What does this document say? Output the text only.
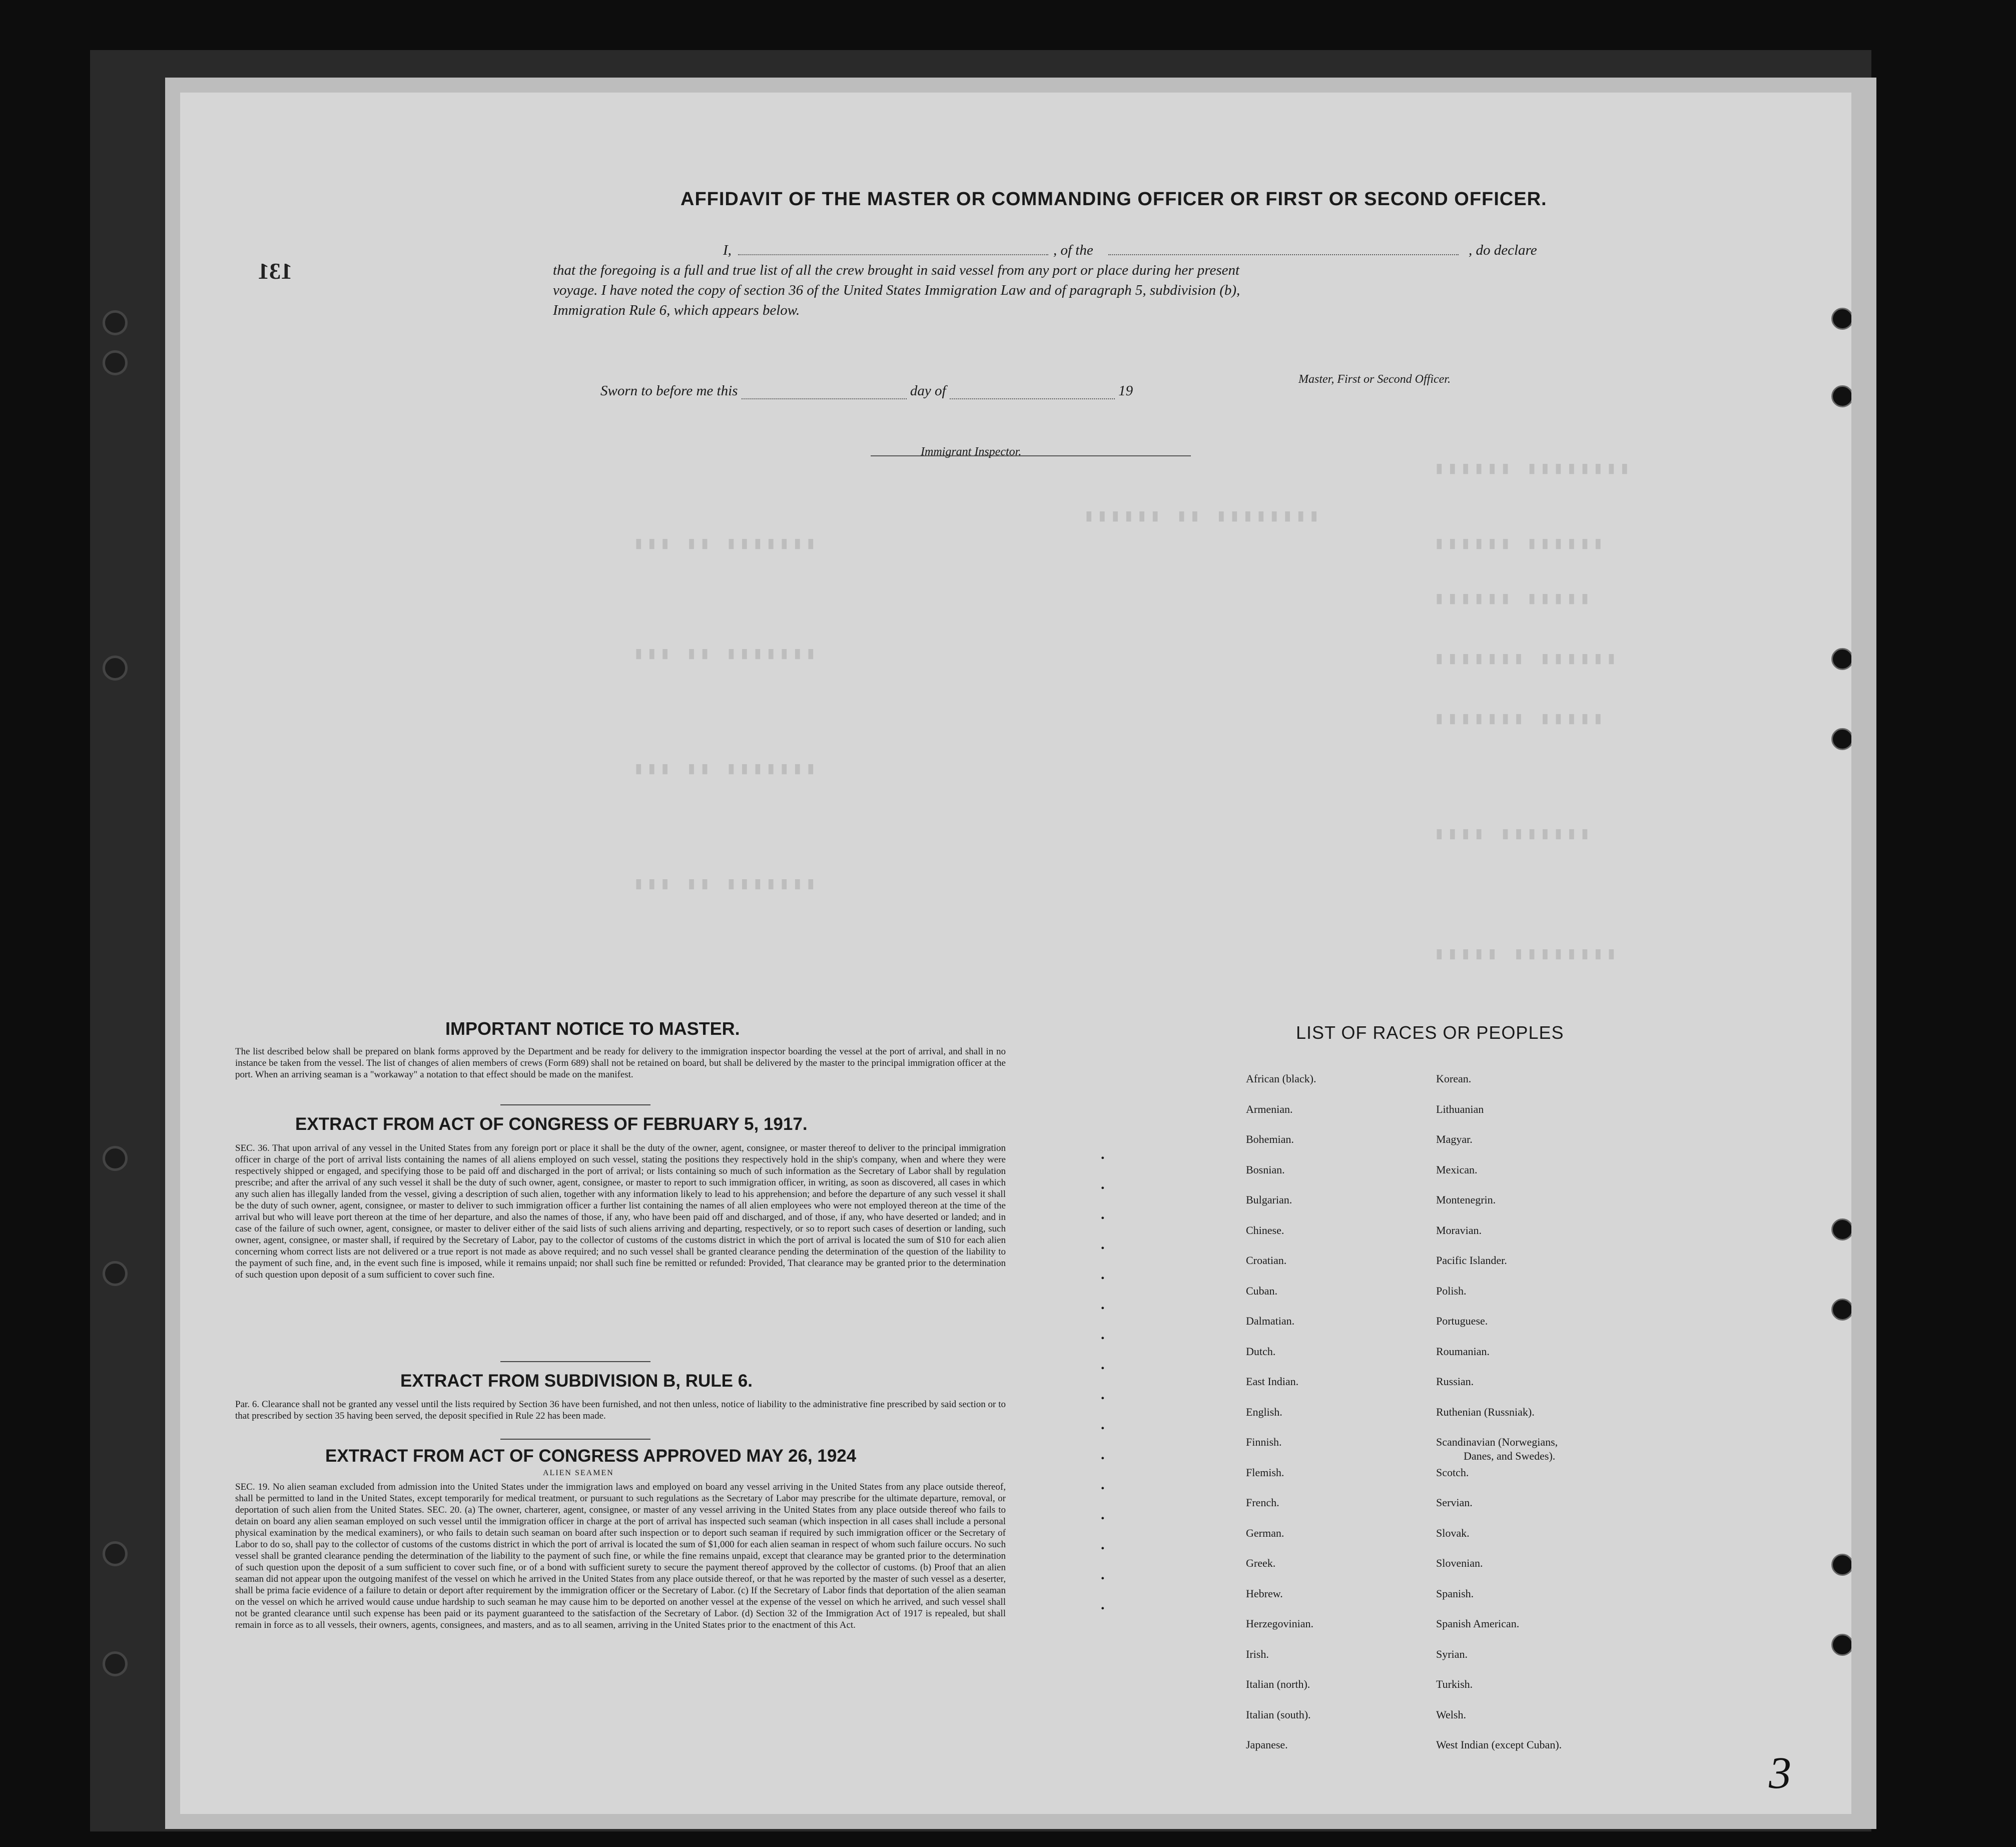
▮▮▮▮▮▮▮▮ ▮▮▮▮▮▮
▮▮▮▮▮▮▮▮ ▮▮ ▮▮▮▮▮▮
▮▮▮▮▮▮ ▮▮▮▮▮▮
▮▮▮▮▮ ▮▮▮▮▮▮
▮▮▮▮▮▮ ▮▮▮▮▮▮▮
▮▮▮▮▮ ▮▮▮▮▮▮▮
▮▮▮▮▮▮▮ ▮▮▮▮
▮▮▮▮▮▮▮▮ ▮▮▮▮▮
▮▮▮▮▮▮▮ ▮▮ ▮▮▮
▮▮▮▮▮▮▮ ▮▮ ▮▮▮
▮▮▮▮▮▮▮ ▮▮ ▮▮▮
▮▮▮▮▮▮▮ ▮▮ ▮▮▮
131
AFFIDAVIT OF THE MASTER OR COMMANDING OFFICER OR FIRST OR SECOND OFFICER.
I,	, of the	, do declare
that the foregoing is a full and true list of all the crew brought in said vessel from any port or place during her present
voyage. I have noted the copy of section 36 of the United States Immigration Law and of paragraph 5, subdivision (b),
Immigration Rule 6, which appears below.
Sworn to before me this	day of	19
Master, First or Second Officer.
Immigrant Inspector.
IMPORTANT NOTICE TO MASTER.
The list described below shall be prepared on blank forms approved by the Department and be ready for delivery to the immigration inspector boarding the vessel at the port of arrival, and shall in no instance be taken from the vessel. The list of changes of alien members of crews (Form 689) shall not be retained on board, but shall be delivered by the master to the principal immigration officer at the port. When an arriving seaman is a "workaway" a notation to that effect should be made on the manifest.
EXTRACT FROM ACT OF CONGRESS OF FEBRUARY 5, 1917.
SEC. 36. That upon arrival of any vessel in the United States from any foreign port or place it shall be the duty of the owner, agent, consignee, or master thereof to deliver to the principal immigration officer in charge of the port of arrival lists containing the names of all aliens employed on such vessel, stating the positions they respectively hold in the ship's company, when and where they were respectively shipped or engaged, and specifying those to be paid off and discharged in the port of arrival; or lists containing so much of such information as the Secretary of Labor shall by regulation prescribe; and after the arrival of any such vessel it shall be the duty of such owner, agent, consignee, or master to report to such immigration officer, in writing, as soon as discovered, all cases in which any such alien has illegally landed from the vessel, giving a description of such alien, together with any information likely to lead to his apprehension; and before the departure of any such vessel it shall be the duty of such owner, agent, consignee, or master to deliver to such immigration officer a further list containing the names of all alien employees who were not employed thereon at the time of the arrival but who will leave port thereon at the time of her departure, and also the names of those, if any, who have been paid off and discharged, and of those, if any, who have deserted or landed; and in case of the failure of such owner, agent, consignee, or master to deliver either of the said lists of such aliens arriving and departing, respectively, or so to report such cases of desertion or landing, such owner, agent, consignee, or master shall, if required by the Secretary of Labor, pay to the collector of customs of the customs district in which the port of arrival is located the sum of $10 for each alien concerning whom correct lists are not delivered or a true report is not made as above required; and no such vessel shall be granted clearance pending the determination of the question of the liability to the payment of such fine, and, in the event such fine is imposed, while it remains unpaid; nor shall such fine be remitted or refunded: Provided, That clearance may be granted prior to the determination of such question upon deposit of a sum sufficient to cover such fine.
EXTRACT FROM SUBDIVISION B, RULE 6.
Par. 6. Clearance shall not be granted any vessel until the lists required by Section 36 have been furnished, and not then unless, notice of liability to the administrative fine prescribed by said section or to that prescribed by section 35 having been served, the deposit specified in Rule 22 has been made.
EXTRACT FROM ACT OF CONGRESS APPROVED MAY 26, 1924
ALIEN SEAMEN
SEC. 19. No alien seaman excluded from admission into the United States under the immigration laws and employed on board any vessel arriving in the United States from any place outside thereof, shall be permitted to land in the United States, except temporarily for medical treatment, or pursuant to such regulations as the Secretary of Labor may prescribe for the ultimate departure, removal, or deportation of such alien from the United States. SEC. 20. (a) The owner, charterer, agent, consignee, or master of any vessel arriving in the United States from any place outside thereof who fails to detain on board any alien seaman employed on such vessel until the immigration officer in charge at the port of arrival has inspected such seaman (which inspection in all cases shall include a personal physical examination by the medical examiners), or who fails to detain such seaman on board after such inspection or to deport such seaman if required by such immigration officer or the Secretary of Labor to do so, shall pay to the collector of customs of the customs district in which the port of arrival is located the sum of $1,000 for each alien seaman in respect of whom such failure occurs. No such vessel shall be granted clearance pending the determination of the liability to the payment of such fine, or while the fine remains unpaid, except that clearance may be granted prior to the determination of such question upon the deposit of a sum sufficient to cover such fine, or of a bond with sufficient surety to secure the payment thereof approved by the collector of customs. (b) Proof that an alien seaman did not appear upon the outgoing manifest of the vessel on which he arrived in the United States from any place outside thereof, or that he was reported by the master of such vessel as a deserter, shall be prima facie evidence of a failure to detain or deport after requirement by the immigration officer or the Secretary of Labor. (c) If the Secretary of Labor finds that deportation of the alien seaman on the vessel on which he arrived would cause undue hardship to such seaman he may cause him to be deported on another vessel at the expense of the vessel on which he arrived, and such vessel shall not be granted clearance until such expense has been paid or its payment guaranteed to the satisfaction of the Secretary of Labor. (d) Section 32 of the Immigration Act of 1917 is repealed, but shall remain in force as to all vessels, their owners, agents, consignees, and masters, and as to all seamen, arriving in the United States prior to the enactment of this Act.
.
.
.
.
.
.
.
.
.
.
.
.
.
.
.
.
LIST OF RACES OR PEOPLES
African (black).
Armenian.
Bohemian.
Bosnian.
Bulgarian.
Chinese.
Croatian.
Cuban.
Dalmatian.
Dutch.
East Indian.
English.
Finnish.
Flemish.
French.
German.
Greek.
Hebrew.
Herzegovinian.
Irish.
Italian (north).
Italian (south).
Japanese.
Korean.
Lithuanian
Magyar.
Mexican.
Montenegrin.
Moravian.
Pacific Islander.
Polish.
Portuguese.
Roumanian.
Russian.
Ruthenian (Russniak).
Scandinavian (Norwegians,
Danes, and Swedes).
Scotch.
Servian.
Slovak.
Slovenian.
Spanish.
Spanish American.
Syrian.
Turkish.
Welsh.
West Indian (except Cuban).
3
